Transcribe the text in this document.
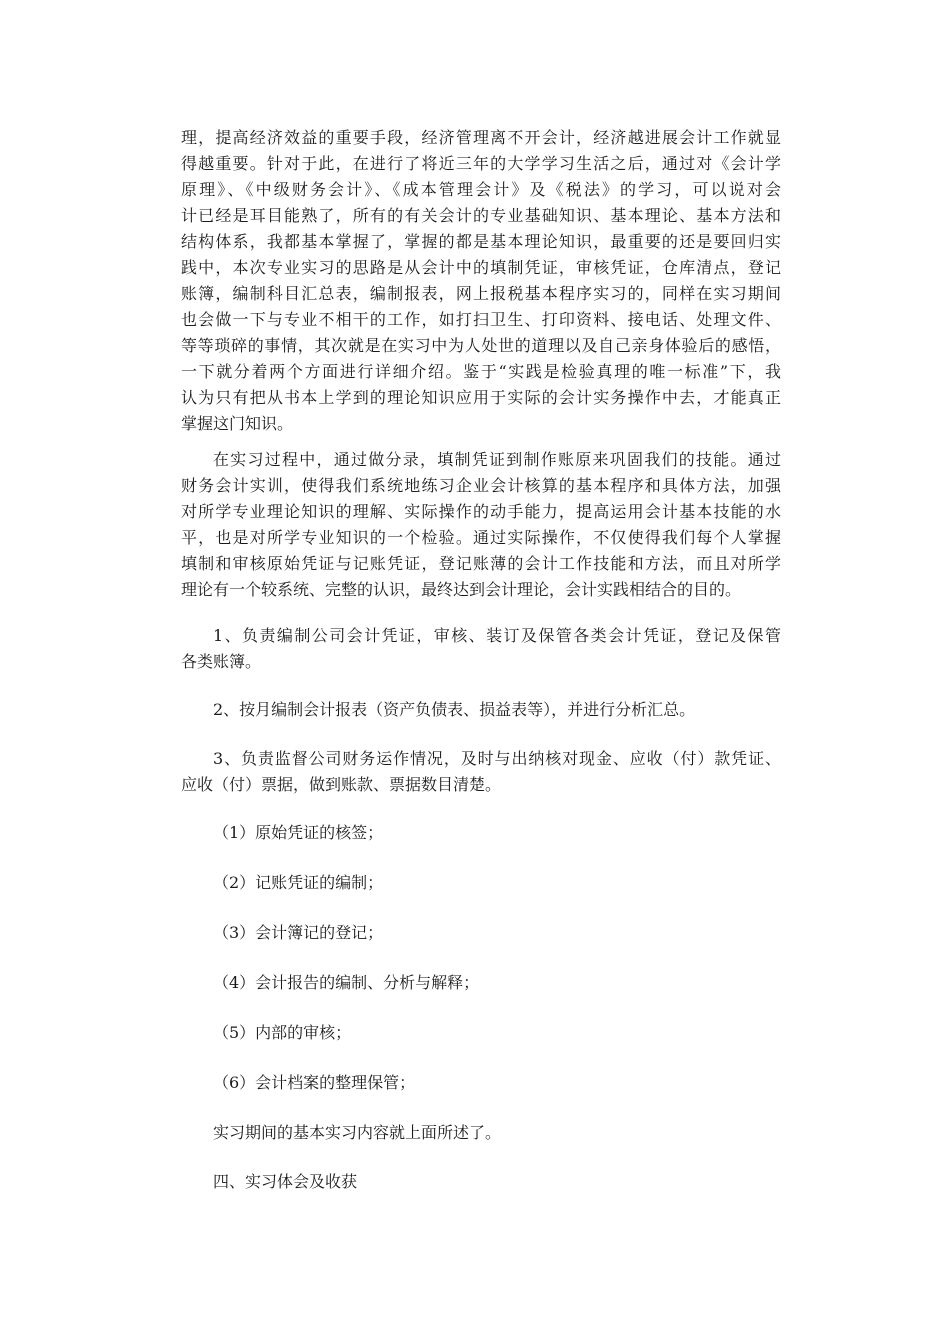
理，提高经济效益的重要手段，经济管理离不开会计，经济越进展会计工作就显
得越重要。针对于此，在进行了将近三年的大学学习生活之后，通过对《会计学
原理》、《中级财务会计》、《成本管理会计》及《税法》的学习，可以说对会
计已经是耳目能熟了，所有的有关会计的专业基础知识、基本理论、基本方法和
结构体系，我都基本掌握了，掌握的都是基本理论知识，最重要的还是要回归实
践中，本次专业实习的思路是从会计中的填制凭证，审核凭证，仓库清点，登记
账簿，编制科目汇总表，编制报表，网上报税基本程序实习的，同样在实习期间
也会做一下与专业不相干的工作，如打扫卫生、打印资料、接电话、处理文件、
等等琐碎的事情，其次就是在实习中为人处世的道理以及自己亲身体验后的感悟，
一下就分着两个方面进行详细介绍。鉴于“实践是检验真理的唯一标准”下，我
认为只有把从书本上学到的理论知识应用于实际的会计实务操作中去，才能真正
掌握这门知识。
在实习过程中，通过做分录，填制凭证到制作账原来巩固我们的技能。通过
财务会计实训，使得我们系统地练习企业会计核算的基本程序和具体方法，加强
对所学专业理论知识的理解、实际操作的动手能力，提高运用会计基本技能的水
平，也是对所学专业知识的一个检验。通过实际操作，不仅使得我们每个人掌握
填制和审核原始凭证与记账凭证，登记账薄的会计工作技能和方法，而且对所学
理论有一个较系统、完整的认识，最终达到会计理论，会计实践相结合的目的。
1、负责编制公司会计凭证，审核、装订及保管各类会计凭证，登记及保管
各类账簿。
2、按月编制会计报表（资产负债表、损益表等），并进行分析汇总。
3、负责监督公司财务运作情况，及时与出纳核对现金、应收（付）款凭证、
应收（付）票据，做到账款、票据数目清楚。
（1）原始凭证的核签；
（2）记账凭证的编制；
（3）会计簿记的登记；
（4）会计报告的编制、分析与解释；
（5）内部的审核；
（6）会计档案的整理保管；
实习期间的基本实习内容就上面所述了。
四、实习体会及收获
